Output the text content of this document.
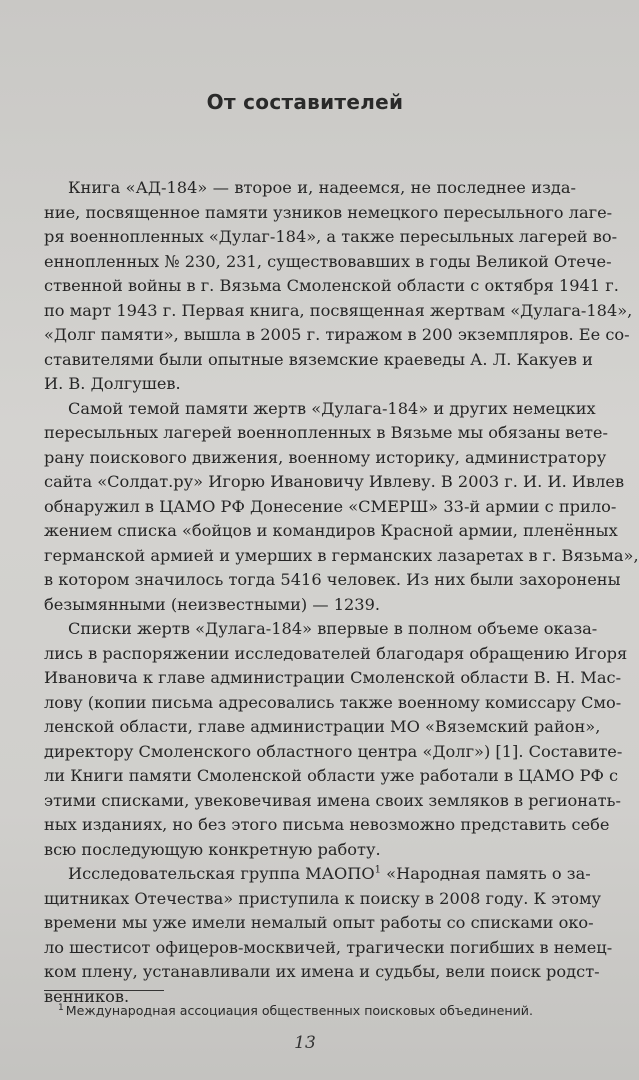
От составителей
Книга «АД-184» — второе и, надеемся, не последнее изда-
ние, посвященное памяти узников немецкого пересыльного лаге-
ря военнопленных «Дулаг-184», а также пересыльных лагерей во-
еннопленных № 230, 231, существовавших в годы Великой Отече-
ственной войны в г. Вязьма Смоленской области с октября 1941 г.
по март 1943 г. Первая книга, посвященная жертвам «Дулага-184»,
«Долг памяти», вышла в 2005 г. тиражом в 200 экземпляров. Ее со-
ставителями были опытные вяземские краеведы А. Л. Какуев и
И. В. Долгушев.
Самой темой памяти жертв «Дулага-184» и других немецких
пересыльных лагерей военнопленных в Вязьме мы обязаны вете-
рану поискового движения, военному историку, администратору
сайта «Солдат.ру» Игорю Ивановичу Ивлеву. В 2003 г. И. И. Ивлев
обнаружил в ЦАМО РФ Донесение «СМЕРШ» 33-й армии с прило-
жением списка «бойцов и командиров Красной армии, пленённых
германской армией и умерших в германских лазаретах в г. Вязьма»,
в котором значилось тогда 5416 человек. Из них были захоронены
безымянными (неизвестными) — 1239.
Списки жертв «Дулага-184» впервые в полном объеме оказа-
лись в распоряжении исследователей благодаря обращению Игоря
Ивановича к главе администрации Смоленской области В. Н. Мас-
лову (копии письма адресовались также военному комиссару Смо-
ленской области, главе администрации МО «Вяземский район»,
директору Смоленского областного центра «Долг») [1]. Составите-
ли Книги памяти Смоленской области уже работали в ЦАМО РФ с
этими списками, увековечивая имена своих земляков в регионать-
ных изданиях, но без этого письма невозможно представить себе
всю последующую конкретную работу.
Исследовательская группа МАОПО$^1$ «Народная память о за-
щитниках Отечества» приступила к поиску в 2008 году. К этому
времени мы уже имели немалый опыт работы со списками око-
ло шестисот офицеров-москвичей, трагически погибших в немец-
ком плену, устанавливали их имена и судьбы, вели поиск родст-
венников.
$^1$ Международная ассоциация общественных поисковых объединений.
13
